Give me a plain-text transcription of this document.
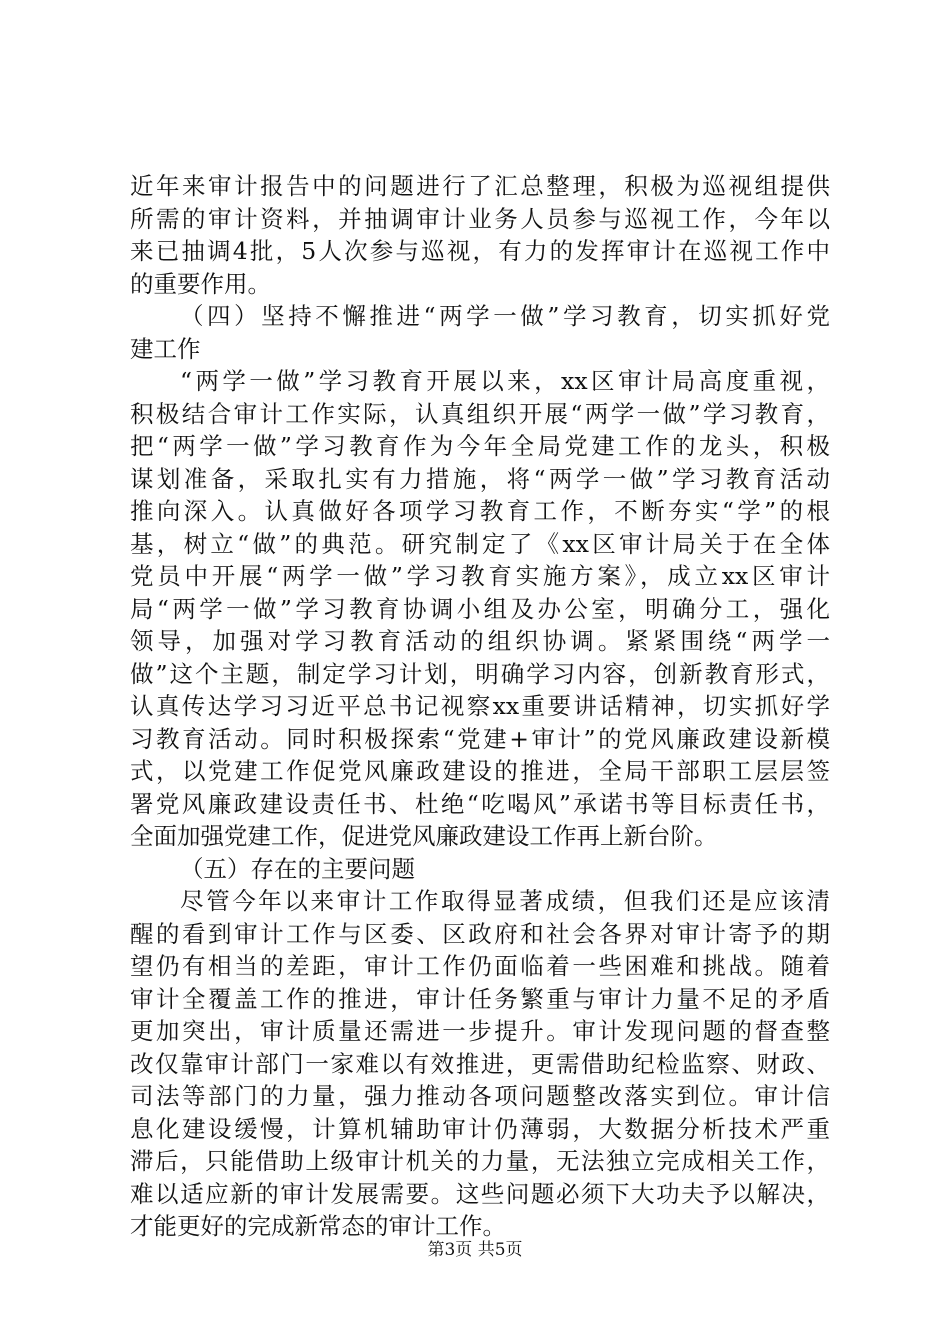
近年来审计报告中的问题进行了汇总整理，积极为巡视组提供
所需的审计资料，并抽调审计业务人员参与巡视工作，今年以
来已抽调4批，5人次参与巡视，有力的发挥审计在巡视工作中
的重要作用。
（四）坚持不懈推进“两学一做”学习教育，切实抓好党
建工作
“两学一做”学习教育开展以来，xx区审计局高度重视，
积极结合审计工作实际，认真组织开展“两学一做”学习教育，
把“两学一做”学习教育作为今年全局党建工作的龙头，积极
谋划准备，采取扎实有力措施，将“两学一做”学习教育活动
推向深入。认真做好各项学习教育工作，不断夯实“学”的根
基，树立“做”的典范。研究制定了《xx区审计局关于在全体
党员中开展“两学一做”学习教育实施方案》，成立xx区审计
局“两学一做”学习教育协调小组及办公室，明确分工，强化
领导，加强对学习教育活动的组织协调。紧紧围绕“两学一
做”这个主题，制定学习计划，明确学习内容，创新教育形式，
认真传达学习习近平总书记视察xx重要讲话精神，切实抓好学
习教育活动。同时积极探索“党建+审计”的党风廉政建设新模
式，以党建工作促党风廉政建设的推进，全局干部职工层层签
署党风廉政建设责任书、杜绝“吃喝风”承诺书等目标责任书，
全面加强党建工作，促进党风廉政建设工作再上新台阶。
（五）存在的主要问题
尽管今年以来审计工作取得显著成绩，但我们还是应该清
醒的看到审计工作与区委、区政府和社会各界对审计寄予的期
望仍有相当的差距，审计工作仍面临着一些困难和挑战。随着
审计全覆盖工作的推进，审计任务繁重与审计力量不足的矛盾
更加突出，审计质量还需进一步提升。审计发现问题的督查整
改仅靠审计部门一家难以有效推进，更需借助纪检监察、财政、
司法等部门的力量，强力推动各项问题整改落实到位。审计信
息化建设缓慢，计算机辅助审计仍薄弱，大数据分析技术严重
滞后，只能借助上级审计机关的力量，无法独立完成相关工作，
难以适应新的审计发展需要。这些问题必须下大功夫予以解决，
才能更好的完成新常态的审计工作。
第3页 共5页
